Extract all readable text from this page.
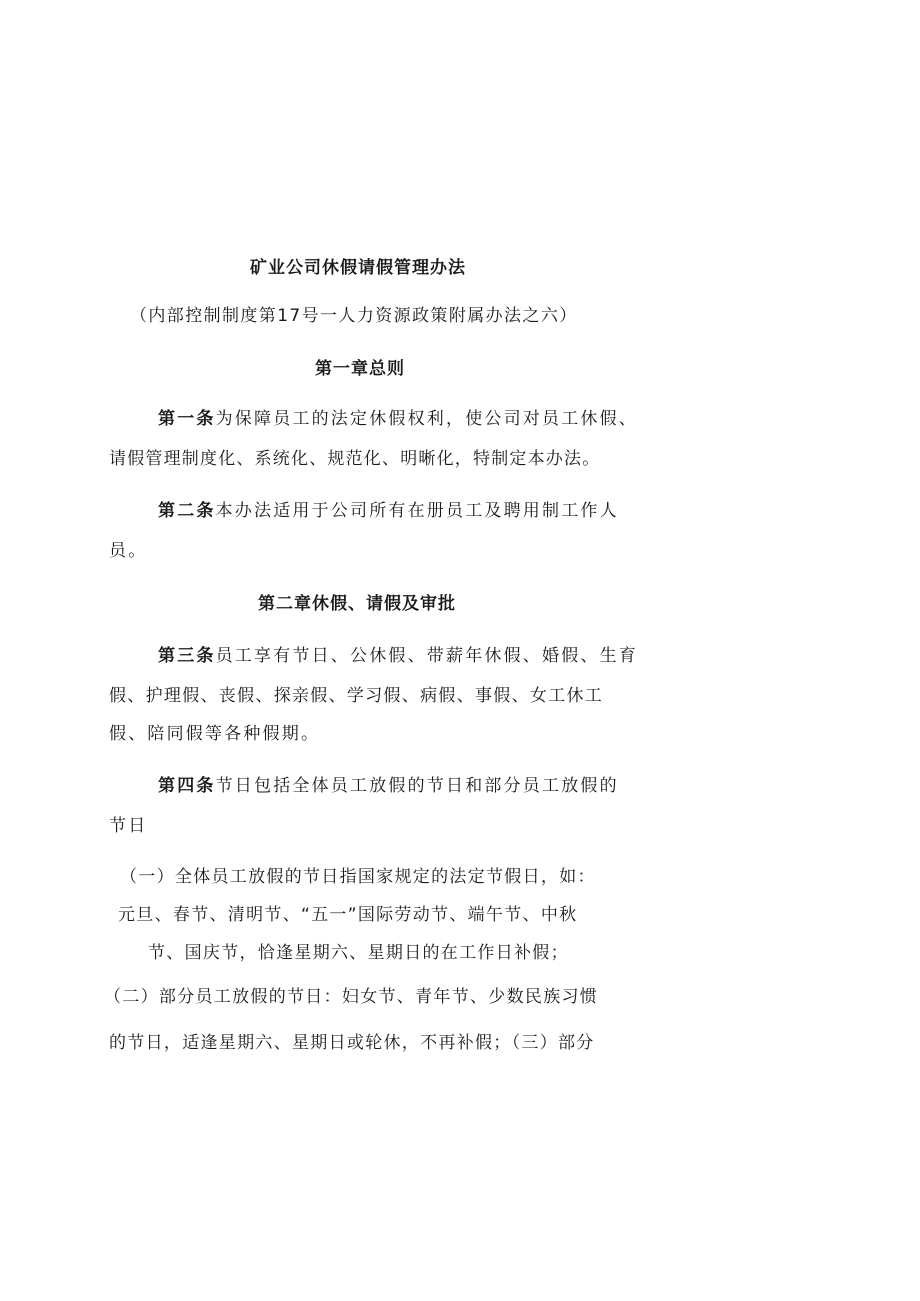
矿业公司休假请假管理办法
（内部控制制度第17号一人力资源政策附属办法之六）
第一章总则
第一条为保障员工的法定休假权利，使公司对员工休假、
请假管理制度化、系统化、规范化、明晰化，特制定本办法。
第二条本办法适用于公司所有在册员工及聘用制工作人
员。
第二章休假、请假及审批
第三条员工享有节日、公休假、带薪年休假、婚假、生育
假、护理假、丧假、探亲假、学习假、病假、事假、女工休工
假、陪同假等各种假期。
第四条节日包括全体员工放假的节日和部分员工放假的
节日
（一）全体员工放假的节日指国家规定的法定节假日，如：
元旦、春节、清明节、“五一”国际劳动节、端午节、中秋
节、国庆节，恰逢星期六、星期日的在工作日补假；
（二）部分员工放假的节日：妇女节、青年节、少数民族习惯
的节日，适逢星期六、星期日或轮休，不再补假；（三）部分
